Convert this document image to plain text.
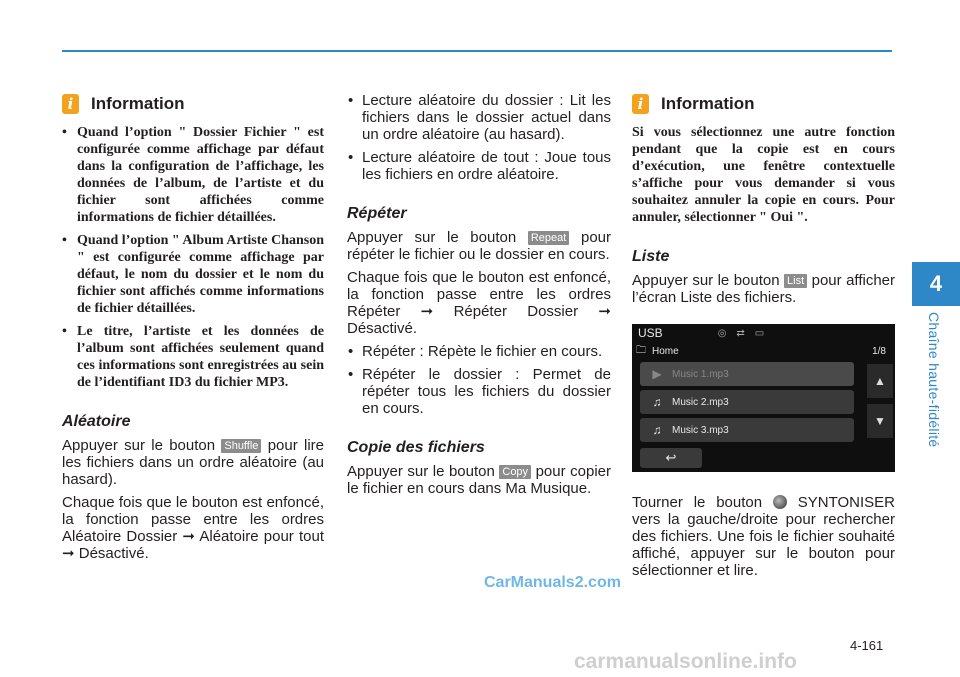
4
Chaîne haute-fidélité
i	Information
• Quand l’option " Dossier Fichier " est configurée comme affichage par défaut dans la configuration de l’affichage, les données de l’album, de l’artiste et du fichier sont affichées comme informations de fichier détaillées.
• Quand l’option " Album Artiste Chanson " est configurée comme affichage par défaut, le nom du dossier et le nom du fichier sont affichés comme informations de fichier détaillées.
• Le titre, l’artiste et les données de l’album sont affichées seulement quand ces informations sont enregistrées au sein de l’identifiant ID3 du fichier MP3.
Aléatoire

Appuyer sur le bouton Shuffle pour lire les fichiers dans un ordre aléatoire (au hasard).

Chaque fois que le bouton est enfoncé, la fonction passe entre les ordres Aléatoire Dossier ➞ Aléatoire pour tout ➞ Désactivé.

• Lecture aléatoire du dossier : Lit les fichiers dans le dossier actuel dans un ordre aléatoire (au hasard).
• Lecture aléatoire de tout : Joue tous les fichiers en ordre aléatoire.
Répéter

Appuyer sur le bouton Repeat pour répéter le fichier ou le dossier en cours.

Chaque fois que le bouton est enfoncé, la fonction passe entre les ordres Répéter ➞ Répéter Dossier ➞ Désactivé.

• Répéter : Répète le fichier en cours.
• Répéter le dossier : Permet de répéter tous les fichiers du dossier en cours.
Copie des fichiers

Appuyer sur le bouton Copy pour copier le fichier en cours dans Ma Musique.

i	Information

Si vous sélectionnez une autre fonction pendant que la copie est en cours d’exécution, une fenêtre contextuelle s’affiche pour vous demander si vous souhaitez annuler la copie en cours. Pour annuler, sélectionner " Oui ".

Liste

Appuyer sur le bouton List pour afficher l’écran Liste des fichiers.

USB	◎⇄▭
🗀 Home	1/8
▶	Music 1.mp3
♫	Music 2.mp3
♫	Music 3.mp3
▲
▼
↩

Tourner le bouton SYNTONISER vers la gauche/droite pour rechercher des fichiers. Une fois le fichier souhaité affiché, appuyer sur le bouton pour sélectionner et lire.

CarManuals2.com
4-161
carmanualsonline.info
